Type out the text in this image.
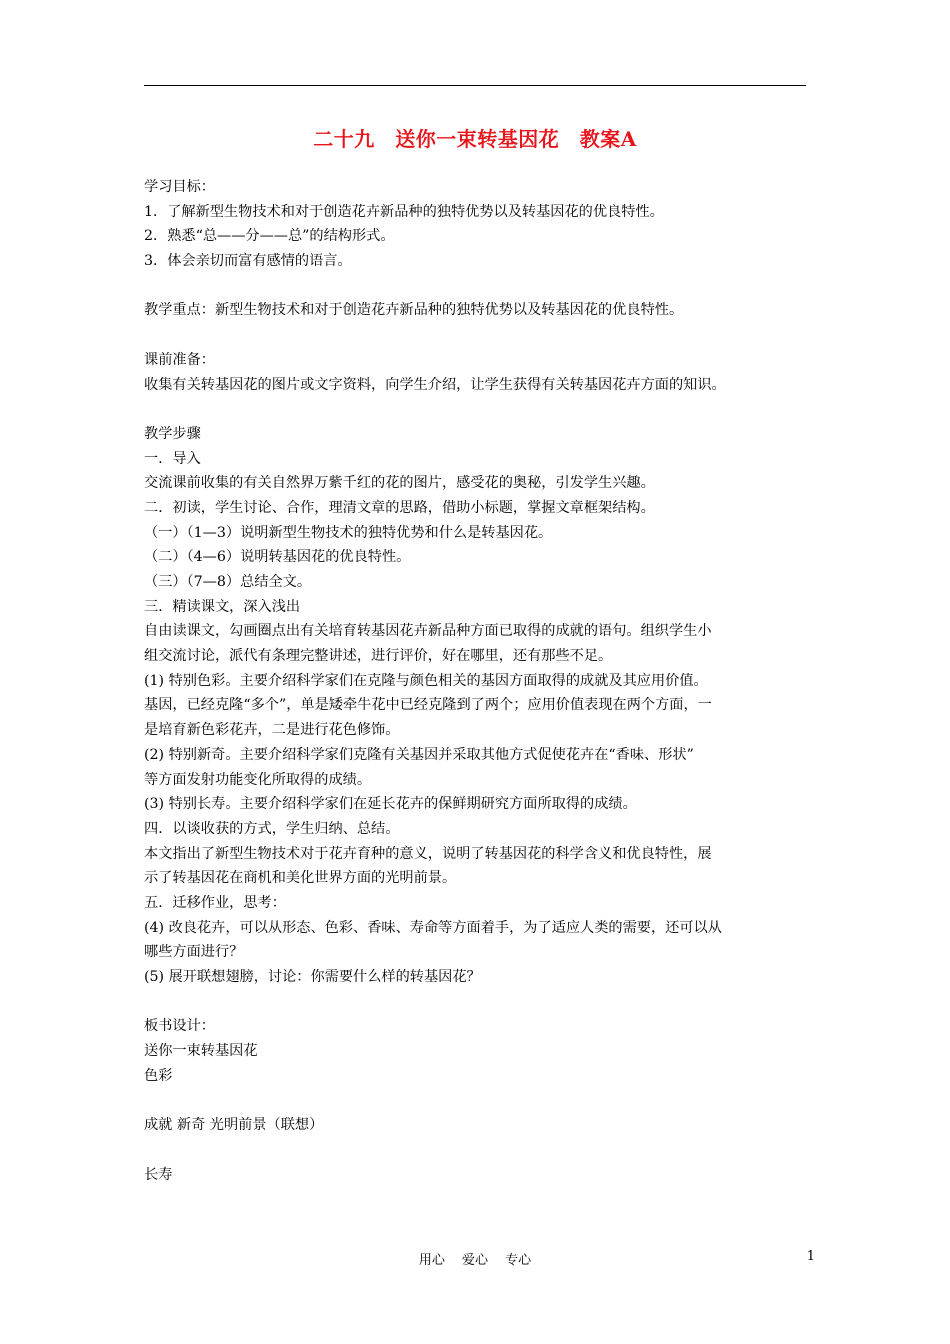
二十九　送你一束转基因花　教案A
学习目标：
1．了解新型生物技术和对于创造花卉新品种的独特优势以及转基因花的优良特性。
2．熟悉“总——分——总”的结构形式。
3．体会亲切而富有感情的语言。
教学重点：新型生物技术和对于创造花卉新品种的独特优势以及转基因花的优良特性。
课前准备：
收集有关转基因花的图片或文字资料，向学生介绍，让学生获得有关转基因花卉方面的知识。
教学步骤
一．导入
交流课前收集的有关自然界万紫千红的花的图片，感受花的奥秘，引发学生兴趣。
二．初读，学生讨论、合作，理清文章的思路，借助小标题，掌握文章框架结构。
（一）（1—3）说明新型生物技术的独特优势和什么是转基因花。
（二）（4—6）说明转基因花的优良特性。
（三）（7—8）总结全文。
三．精读课文，深入浅出
自由读课文，勾画圈点出有关培育转基因花卉新品种方面已取得的成就的语句。组织学生小
组交流讨论，派代有条理完整讲述，进行评价，好在哪里，还有那些不足。
(1) 特别色彩。主要介绍科学家们在克隆与颜色相关的基因方面取得的成就及其应用价值。
基因，已经克隆“多个”，单是矮牵牛花中已经克隆到了两个；应用价值表现在两个方面，一
是培育新色彩花卉，二是进行花色修饰。
(2) 特别新奇。主要介绍科学家们克隆有关基因并采取其他方式促使花卉在“香味、形状”
等方面发射功能变化所取得的成绩。
(3) 特别长寿。主要介绍科学家们在延长花卉的保鲜期研究方面所取得的成绩。
四．以谈收获的方式，学生归纳、总结。
本文指出了新型生物技术对于花卉育种的意义，说明了转基因花的科学含义和优良特性，展
示了转基因花在商机和美化世界方面的光明前景。
五．迁移作业，思考：
(4) 改良花卉，可以从形态、色彩、香味、寿命等方面着手，为了适应人类的需要，还可以从
哪些方面进行？
(5) 展开联想翅膀，讨论：你需要什么样的转基因花？
板书设计：
送你一束转基因花
色彩
成就 新奇 光明前景（联想）
长寿
用心　 爱心　 专心	1
